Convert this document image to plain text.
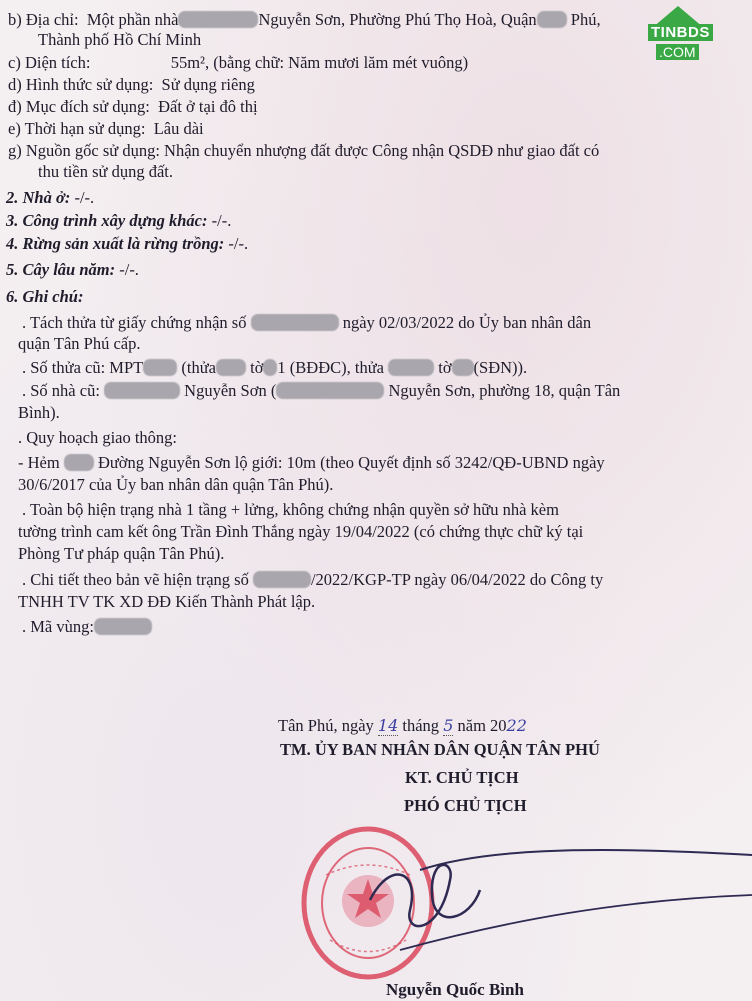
TINBDS
.COM
b) Địa chỉ: Một phần nhà	Nguyễn Sơn, Phường Phú Thọ Hoà, Quận Phú,
Thành phố Hồ Chí Minh
c) Diện tích:	55m², (bằng chữ: Năm mươi lăm mét vuông)
d) Hình thức sử dụng: Sử dụng riêng
đ) Mục đích sử dụng: Đất ở tại đô thị
e) Thời hạn sử dụng: Lâu dài
g) Nguồn gốc sử dụng: Nhận chuyển nhượng đất được Công nhận QSDĐ như giao đất có
thu tiền sử dụng đất.
2. Nhà ở: -/-.
3. Công trình xây dựng khác: -/-.
4. Rừng sản xuất là rừng trồng: -/-.
5. Cây lâu năm: -/-.
6. Ghi chú:
. Tách thửa từ giấy chứng nhận số	ngày 02/03/2022 do Ủy ban nhân dân
quận Tân Phú cấp.
. Số thửa cũ: MPT (thửa tờ 1 (BĐĐC), thửa	tờ (SĐN)).
. Số nhà cũ:	Nguyễn Sơn (	Nguyễn Sơn, phường 18, quận Tân
Bình).
. Quy hoạch giao thông:
- Hẻm Đường Nguyễn Sơn lộ giới: 10m (theo Quyết định số 3242/QĐ-UBND ngày
30/6/2017 của Ủy ban nhân dân quận Tân Phú).
. Toàn bộ hiện trạng nhà 1 tầng + lửng, không chứng nhận quyền sở hữu nhà kèm
tường trình cam kết ông Trần Đình Thắng ngày 19/04/2022 (có chứng thực chữ ký tại
Phòng Tư pháp quận Tân Phú).
. Chi tiết theo bản vẽ hiện trạng số	/2022/KGP-TP ngày 06/04/2022 do Công ty
TNHH TV TK XD ĐĐ Kiến Thành Phát lập.
. Mã vùng:
Tân Phú, ngày 14 tháng 5 năm 2022
TM. ỦY BAN NHÂN DÂN QUẬN TÂN PHÚ
KT. CHỦ TỊCH
PHÓ CHỦ TỊCH
Nguyễn Quốc Bình
